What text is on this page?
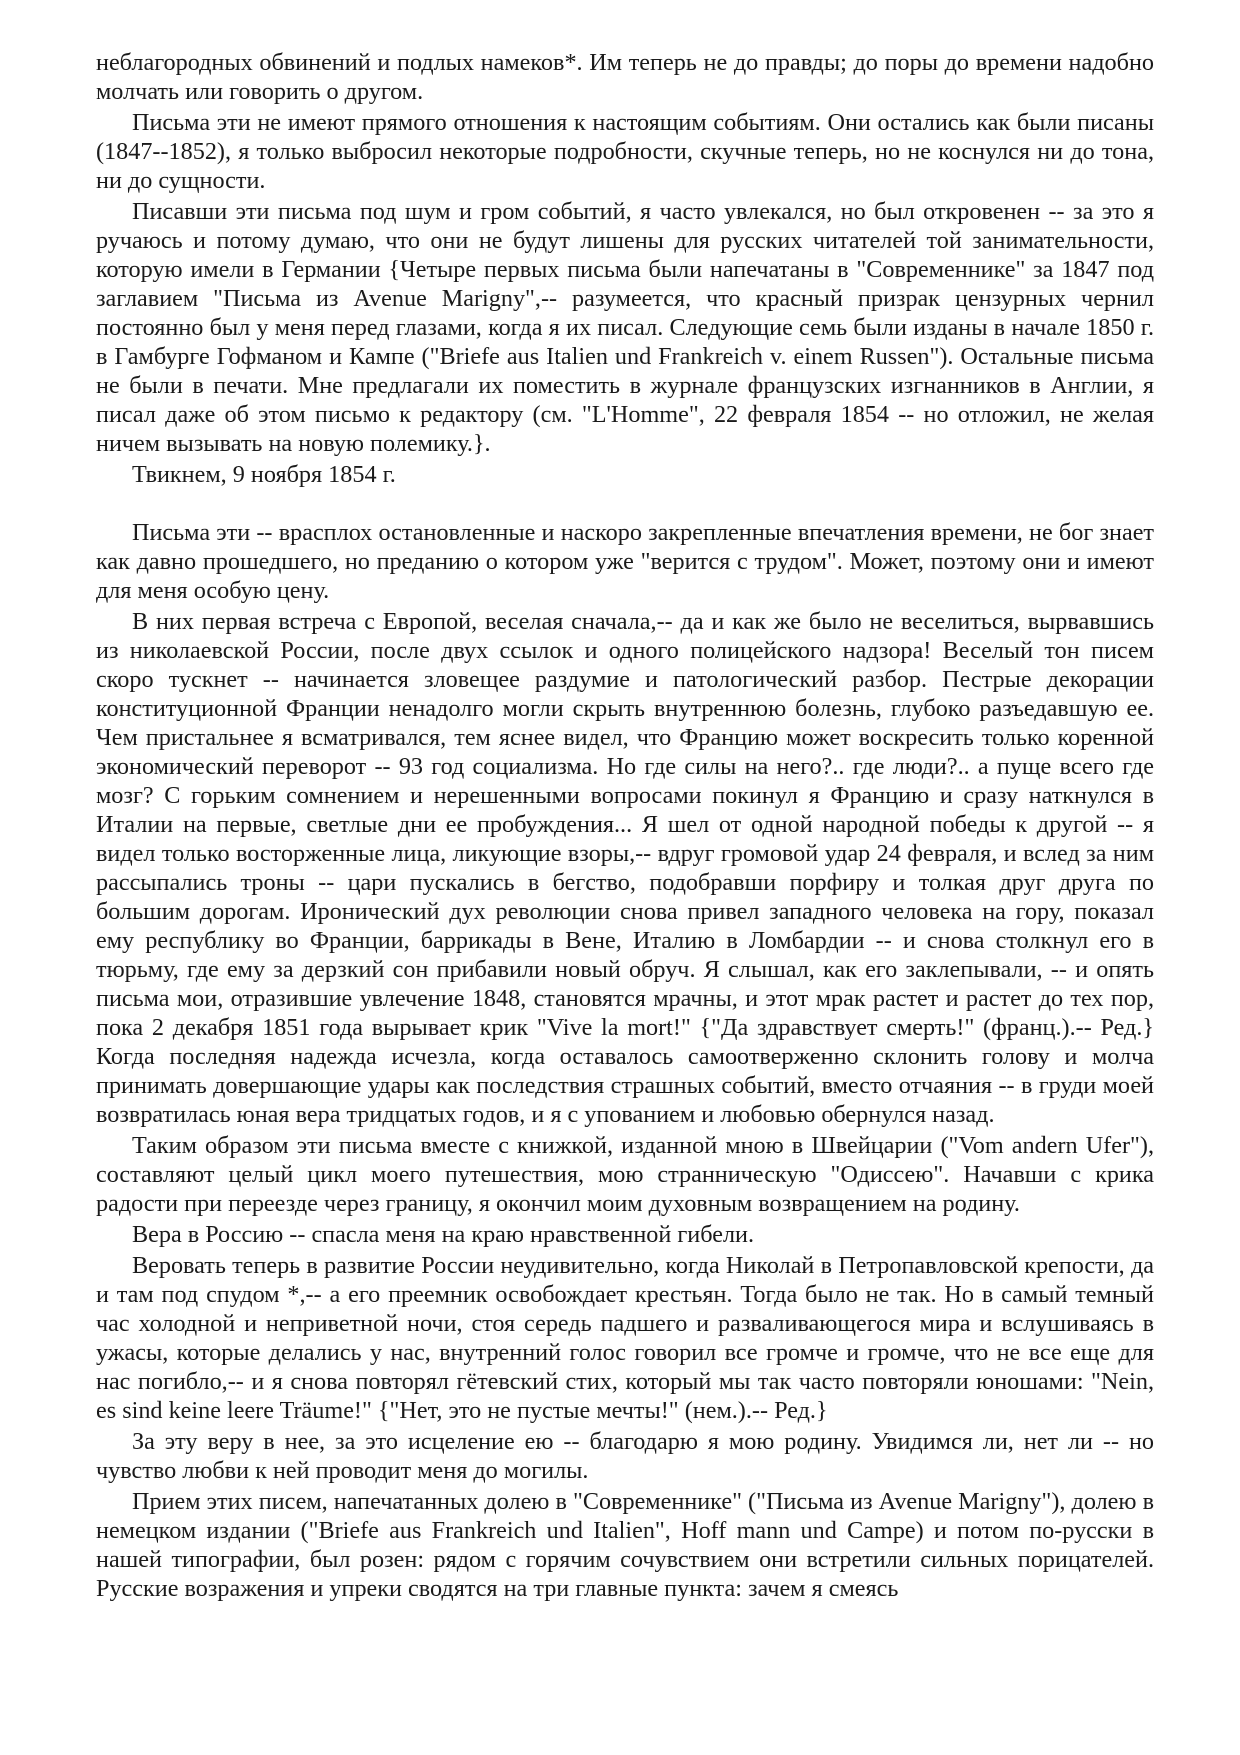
неблагородных обвинений и подлых намеков*. Им теперь не до правды; до поры до времени надобно молчать или говорить о другом.

Письма эти не имеют прямого отношения к настоящим событиям. Они остались как были писаны (1847--1852), я только выбросил некоторые подробности, скучные теперь, но не коснулся ни до тона, ни до сущности.

Писавши эти письма под шум и гром событий, я часто увлекался, но был откровенен -- за это я ручаюсь и потому думаю, что они не будут лишены для русских читателей той занимательности, которую имели в Германии {Четыре первых письма были напечатаны в "Современнике" за 1847 под заглавием "Письма из Avenue Marigny",-- разумеется, что красный призрак цензурных чернил постоянно был у меня перед глазами, когда я их писал. Следующие семь были изданы в начале 1850 г. в Гамбурге Гофманом и Кампе ("Briefe aus Italien und Frankreich v. einem Russen"). Остальные письма не были в печати. Мне предлагали их поместить в журнале французских изгнанников в Англии, я писал даже об этом письмо к редактору (см. "L'Homme", 22 февраля 1854 -- но отложил, не желая ничем вызывать на новую полемику.}.

Твикнем, 9 ноября 1854 г.

Письма эти -- врасплох остановленные и наскоро закрепленные впечатления времени, не бог знает как давно прошедшего, но преданию о котором уже "верится с трудом". Может, поэтому они и имеют для меня особую цену.

В них первая встреча с Европой, веселая сначала,-- да и как же было не веселиться, вырвавшись из николаевской России, после двух ссылок и одного полицейского надзора! Веселый тон писем скоро тускнет -- начинается зловещее раздумие и патологический разбор. Пестрые декорации конституционной Франции ненадолго могли скрыть внутреннюю болезнь, глубоко разъедавшую ее. Чем пристальнее я всматривался, тем яснее видел, что Францию может воскресить только коренной экономический переворот -- 93 год социализма. Но где силы на него?.. где люди?.. а пуще всего где мозг? С горьким сомнением и нерешенными вопросами покинул я Францию и сразу наткнулся в Италии на первые, светлые дни ее пробуждения... Я шел от одной народной победы к другой -- я видел только восторженные лица, ликующие взоры,-- вдруг громовой удар 24 февраля, и вслед за ним рассыпались троны -- цари пускались в бегство, подобравши порфиру и толкая друг друга по большим дорогам. Иронический дух революции снова привел западного человека на гору, показал ему республику во Франции, баррикады в Вене, Италию в Ломбардии -- и снова столкнул его в тюрьму, где ему за дерзкий сон прибавили новый обруч. Я слышал, как его заклепывали, -- и опять письма мои, отразившие увлечение 1848, становятся мрачны, и этот мрак растет и растет до тех пор, пока 2 декабря 1851 года вырывает крик "Vive la mort!" {"Да здравствует смерть!" (франц.).-- Ред.} Когда последняя надежда исчезла, когда оставалось самоотверженно склонить голову и молча принимать довершающие удары как последствия страшных событий, вместо отчаяния -- в груди моей возвратилась юная вера тридцатых годов, и я с упованием и любовью обернулся назад.

Таким образом эти письма вместе с книжкой, изданной мною в Швейцарии ("Vom andern Ufer"), составляют целый цикл моего путешествия, мою странническую "Одиссею". Начавши с крика радости при переезде через границу, я окончил моим духовным возвращением на родину.

Вера в Россию -- спасла меня на краю нравственной гибели.

Веровать теперь в развитие России неудивительно, когда Николай в Петропавловской крепости, да и там под спудом *,-- а его преемник освобождает крестьян. Тогда было не так. Но в самый темный час холодной и неприветной ночи, стоя середь падшего и разваливающегося мира и вслушиваясь в ужасы, которые делались у нас, внутренний голос говорил все громче и громче, что не все еще для нас погибло,-- и я снова повторял гётевский стих, который мы так часто повторяли юношами: "Nein, es sind keine leere Träume!" {"Нет, это не пустые мечты!" (нем.).-- Ред.}

За эту веру в нее, за это исцеление ею -- благодарю я мою родину. Увидимся ли, нет ли -- но чувство любви к ней проводит меня до могилы.

Прием этих писем, напечатанных долею в "Современнике" ("Письма из Avenue Marigny"), долею в немецком издании ("Briefe aus Frankreich und Italien", Hoff mann und Campe) и потом по-русски в нашей типографии, был розен: рядом с горячим сочувствием они встретили сильных порицателей. Русские возражения и упреки сводятся на три главные пункта: зачем я смеясь
